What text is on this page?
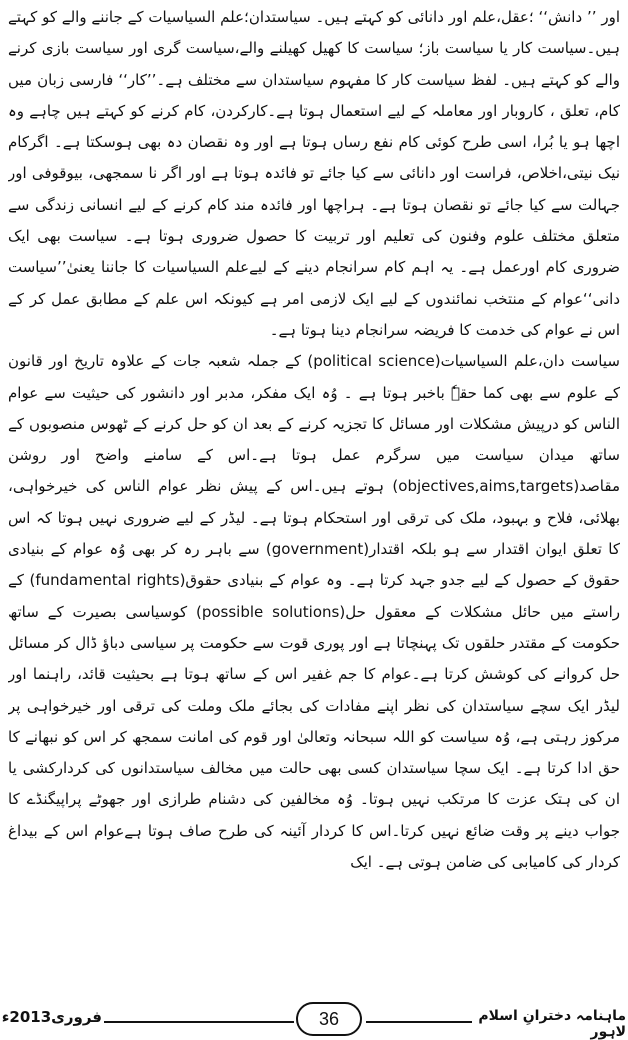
اور ’’ دانش‘‘ ؛عقل،علم اور دانائی کو کہتے ہیں۔ سیاستدان؛علم السیاسیات کے جاننے والے کو کہتے ہیں۔سیاست کار یا سیاست باز؛ سیاست کا کھیل کھیلنے والے،سیاست گری اور سیاست بازی کرنے والے کو کہتے ہیں۔ لفظ سیاست کار کا مفہوم سیاستدان سے مختلف ہے۔’’کار‘‘ فارسی زبان میں کام، تعلق ، کاروبار اور معاملہ کے لیے استعمال ہوتا ہے۔کارکردن، کام کرنے کو کہتے ہیں چاہے وہ اچھا ہو یا بُرا، اسی طرح کوئی کام نفع رساں ہوتا ہے اور وہ نقصان دہ بھی ہوسکتا ہے۔ اگرکام نیک نیتی،اخلاص، فراست اور دانائی سے کیا جائے تو فائدہ ہوتا ہے اور اگر نا سمجھی، بیوقوفی اور جہالت سے کیا جائے تو نقصان ہوتا ہے۔ ہراچھا اور فائدہ مند کام کرنے کے لیے انسانی زندگی سے متعلق مختلف علوم وفنون کی تعلیم اور تربیت کا حصول ضروری ہوتا ہے۔ سیاست بھی ایک ضروری کام اورعمل ہے۔ یہ اہم کام سرانجام دینے کے لیےعلم السیاسیات کا جاننا یعنیٰ’’سیاست دانی‘‘عوام کے منتخب نمائندوں کے لیے ایک لازمی امر ہے کیونکہ اس علم کے مطابق عمل کر کے اس نے عوام کی خدمت کا فریضہ سرانجام دینا ہوتا ہے۔

سیاست دان،علم السیاسیات(political science) کے جملہ شعبہ جات کے علاوہ تاریخ اور قانون کے علوم سے بھی کما حقہٗ باخبر ہوتا ہے ۔ وُہ ایک مفکر، مدبر اور دانشور کی حیثیت سے عوام الناس کو درپیش مشکلات اور مسائل کا تجزیہ کرنے کے بعد ان کو حل کرنے کے ٹھوس منصوبوں کے ساتھ میدان سیاست میں سرگرم عمل ہوتا ہے۔اس کے سامنے واضح اور روشن مقاصد(objectives,aims,targets) ہوتے ہیں۔اس کے پیش نظر عوام الناس کی خیرخواہی، بھلائی، فلاح و بہبود، ملک کی ترقی اور استحکام ہوتا ہے۔ لیڈر کے لیے ضروری نہیں ہوتا کہ اس کا تعلق ایوان اقتدار سے ہو بلکہ اقتدار(government) سے باہر رہ کر بھی وُہ عوام کے بنیادی حقوق کے حصول کے لیے جدو جہد کرتا ہے۔ وہ عوام کے بنیادی حقوق(fundamental rights) کے راستے میں حائل مشکلات کے معقول حل(possible solutions) کوسیاسی بصیرت کے ساتھ حکومت کے مقتدر حلقوں تک پہنچاتا ہے اور پوری قوت سے حکومت پر سیاسی دباؤ ڈال کر مسائل حل کروانے کی کوشش کرتا ہے۔عوام کا جم غفیر اس کے ساتھ ہوتا ہے بحیثیت قائد، راہنما اور لیڈر ایک سچے سیاستدان کی نظر اپنے مفادات کی بجائے ملک وملت کی ترقی اور خیرخواہی پر مرکوز رہتی ہے، وُہ سیاست کو اللہ سبحانہ وتعالیٰ اور قوم کی امانت سمجھ کر اس کو نبھانے کا حق ادا کرتا ہے۔ ایک سچا سیاستدان کسی بھی حالت میں مخالف سیاستدانوں کی کردارکشی یا ان کی ہتک عزت کا مرتکب نہیں ہوتا۔ وُہ مخالفین کی دشنام طرازی اور جھوٹے پراپیگنڈے کا جواب دینے پر وقت ضائع نہیں کرتا۔اس کا کردار آئینہ کی طرح صاف ہوتا ہےعوام اس کے بیداغ کردار کی کامیابی کی ضامن ہوتی ہے۔ ایک

فروری2013ء	36	ماہنامہ دخترانِ اسلام لاہور
